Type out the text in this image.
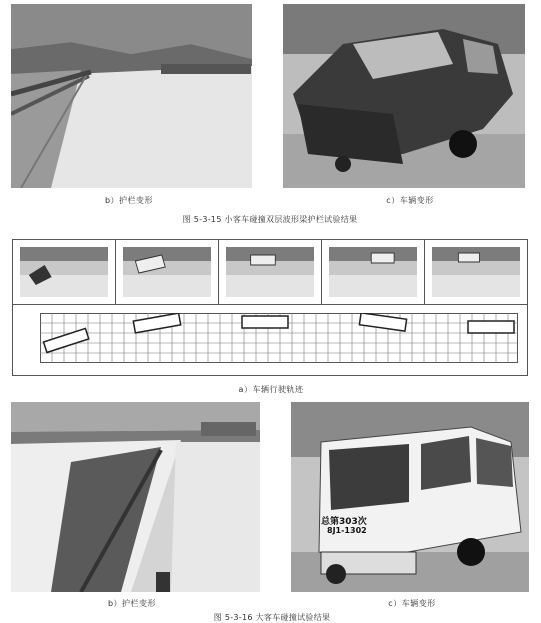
b）护栏变形	c）车辆变形
图 5-3-15 小客车碰撞双层波形梁护栏试验结果
a）车辆行驶轨迹
总第303次
8J1-1302
b）护栏变形	c）车辆变形
图 5-3-16 大客车碰撞试验结果
